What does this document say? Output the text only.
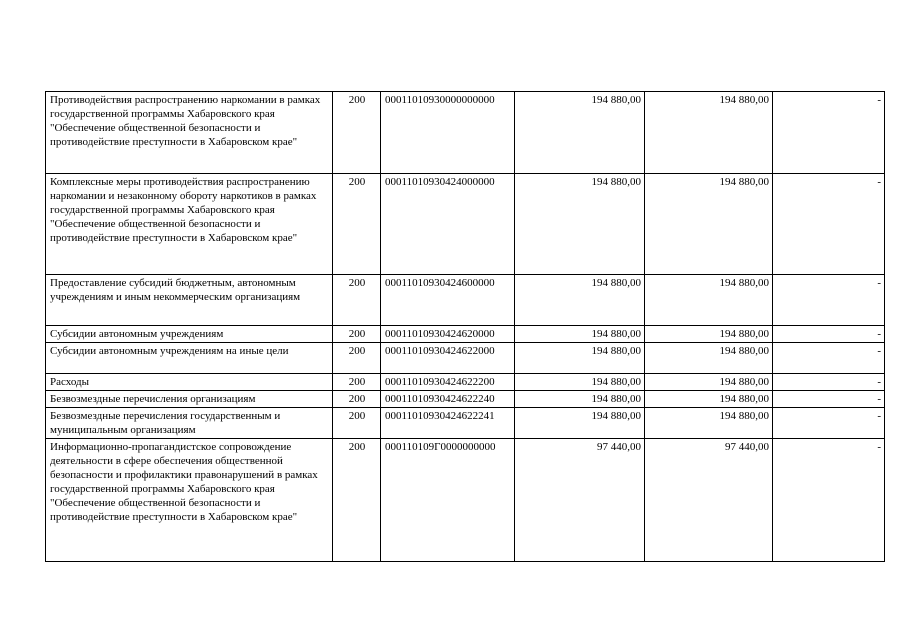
Противодействия распространению наркомании в рамках государственной программы Хабаровского края "Обеспечение общественной безопасности и противодействие преступности в Хабаровском крае"	200	00011010930000000000	194 880,00	194 880,00	-
Комплексные меры противодействия распространению наркомании и незаконному обороту наркотиков в рамках государственной программы Хабаровского края "Обеспечение общественной безопасности и противодействие преступности в Хабаровском крае"	200	00011010930424000000	194 880,00	194 880,00	-
Предоставление субсидий бюджетным, автономным учреждениям и иным некоммерческим организациям	200	00011010930424600000	194 880,00	194 880,00	-
Субсидии автономным учреждениям	200	00011010930424620000	194 880,00	194 880,00	-
Субсидии автономным учреждениям на иные цели	200	00011010930424622000	194 880,00	194 880,00	-
Расходы	200	00011010930424622200	194 880,00	194 880,00	-
Безвозмездные перечисления организациям	200	00011010930424622240	194 880,00	194 880,00	-
Безвозмездные перечисления государственным и муниципальным организациям	200	00011010930424622241	194 880,00	194 880,00	-
Информационно-пропагандистское сопровождение деятельности в сфере обеспечения общественной безопасности и профилактики правонарушений в рамках государственной программы Хабаровского края "Обеспечение общественной безопасности и противодействие преступности в Хабаровском крае"	200	000110109Г0000000000	97 440,00	97 440,00	-
